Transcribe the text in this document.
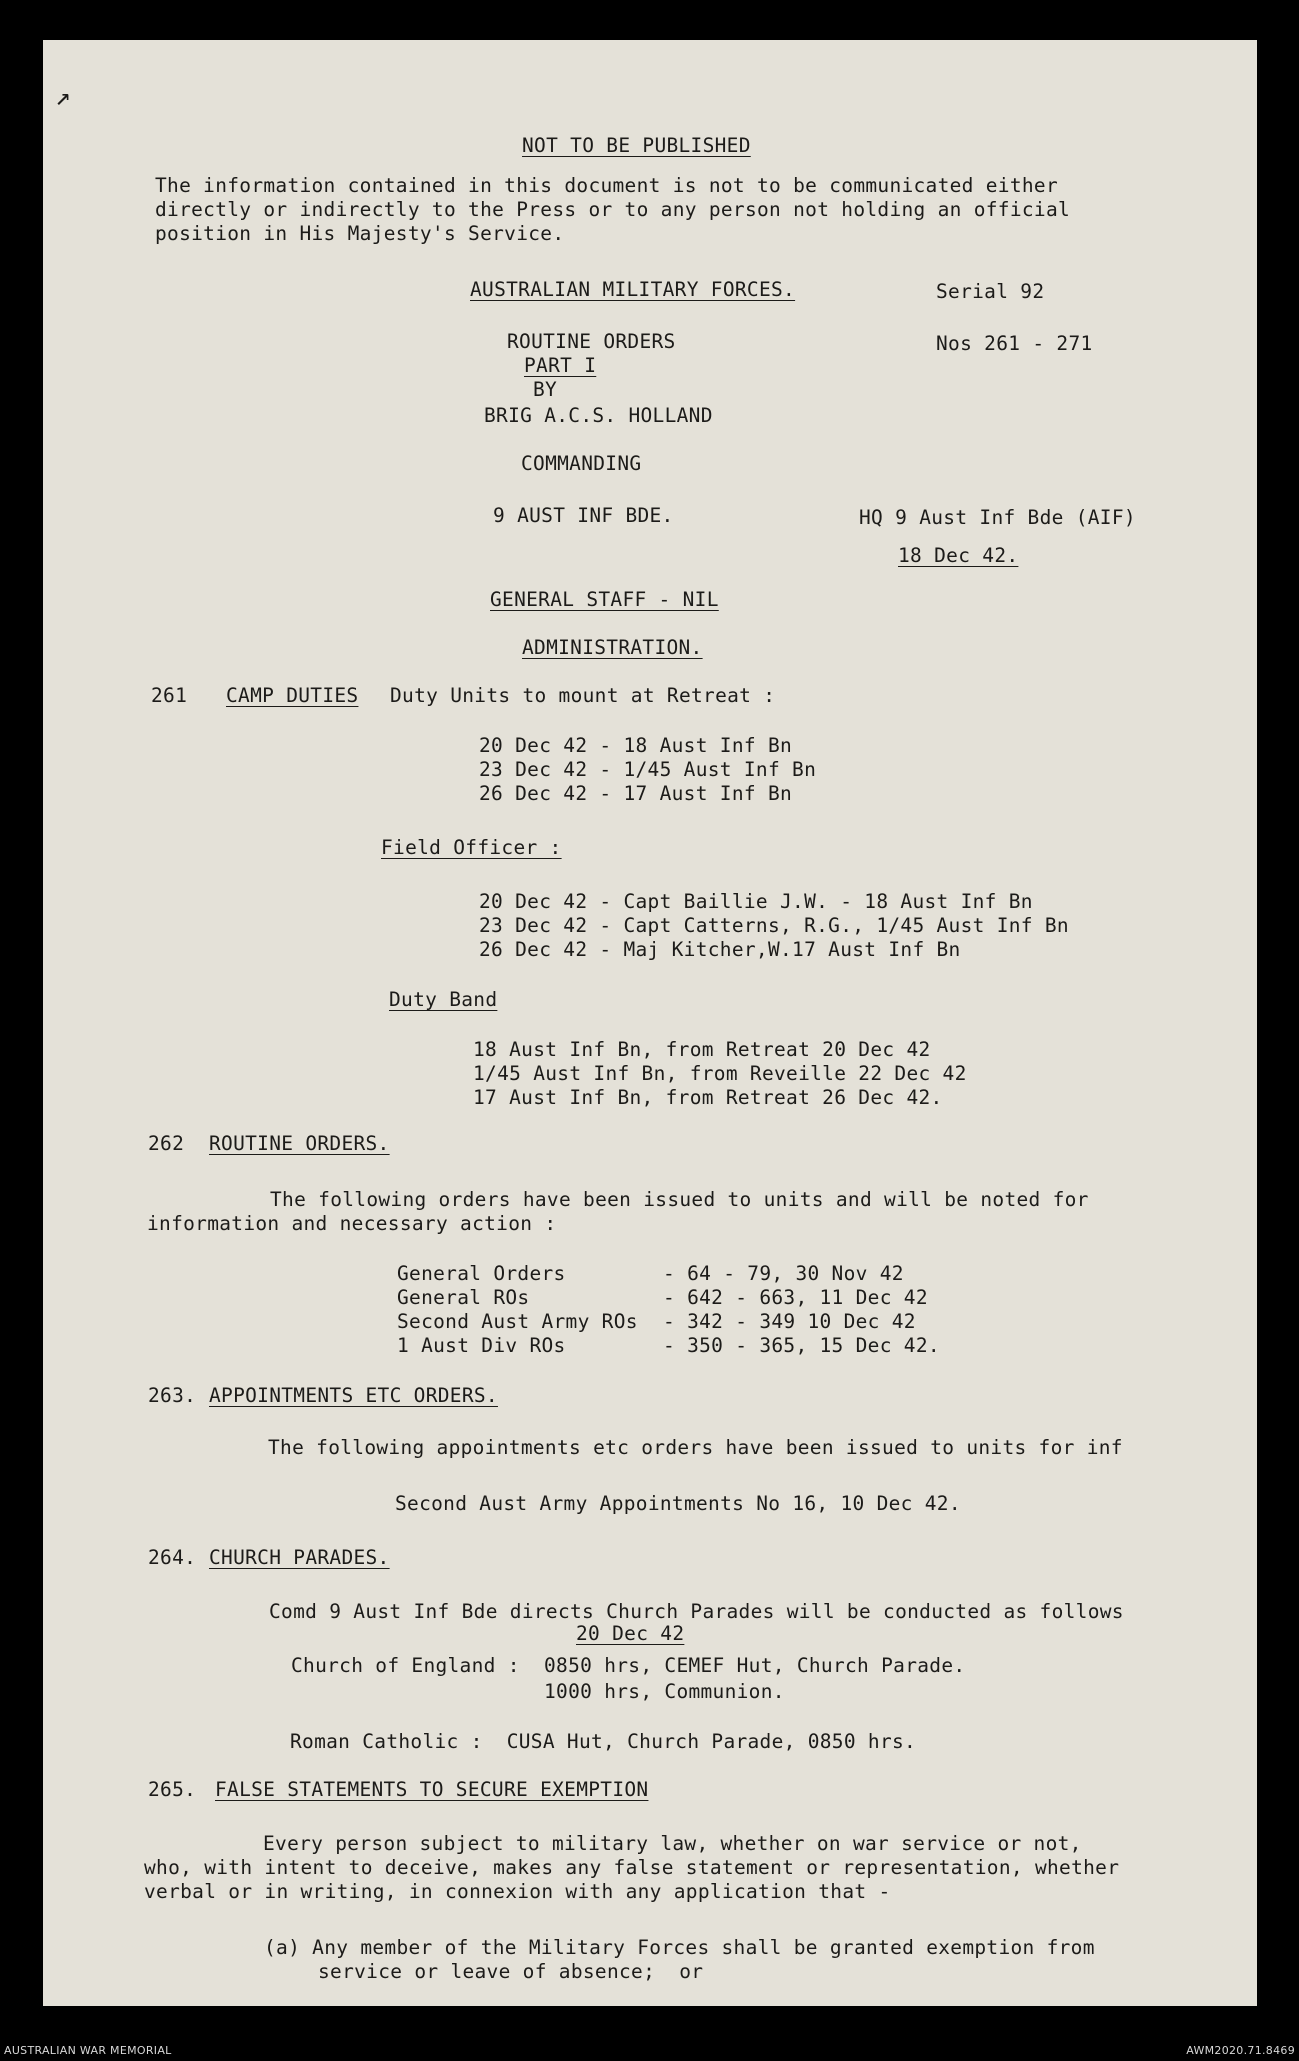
↗
NOT TO BE PUBLISHED
The information contained in this document is not to be communicated either
directly or indirectly to the Press or to any person not holding an official
position in His Majesty's Service.
AUSTRALIAN MILITARY FORCES.	Serial 92
ROUTINE ORDERS	Nos 261 - 271
PART I
BY
BRIG A.C.S. HOLLAND
COMMANDING
9 AUST INF BDE.	HQ 9 Aust Inf Bde (AIF)
18 Dec 42.
GENERAL STAFF - NIL
ADMINISTRATION.
261 CAMP DUTIES Duty Units to mount at Retreat :
20 Dec 42 - 18 Aust Inf Bn
23 Dec 42 - 1/45 Aust Inf Bn
26 Dec 42 - 17 Aust Inf Bn
Field Officer :
20 Dec 42 - Capt Baillie J.W. - 18 Aust Inf Bn
23 Dec 42 - Capt Catterns, R.G., 1/45 Aust Inf Bn
26 Dec 42 - Maj Kitcher,W.17 Aust Inf Bn
Duty Band
18 Aust Inf Bn, from Retreat 20 Dec 42
1/45 Aust Inf Bn, from Reveille 22 Dec 42
17 Aust Inf Bn, from Retreat 26 Dec 42.
262 ROUTINE ORDERS.
The following orders have been issued to units and will be noted for
information and necessary action :
General Orders	- 64 - 79, 30 Nov 42
General ROs	- 642 - 663, 11 Dec 42
Second Aust Army ROs - 342 - 349 10 Dec 42
1 Aust Div ROs	- 350 - 365, 15 Dec 42.
263. APPOINTMENTS ETC ORDERS.
The following appointments etc orders have been issued to units for inf
Second Aust Army Appointments No 16, 10 Dec 42.
264. CHURCH PARADES.
Comd 9 Aust Inf Bde directs Church Parades will be conducted as follows
20 Dec 42
Church of England : 0850 hrs, CEMEF Hut, Church Parade.
1000 hrs, Communion.
Roman Catholic :  CUSA Hut, Church Parade, 0850 hrs.
265. FALSE STATEMENTS TO SECURE EXEMPTION
Every person subject to military law, whether on war service or not,
who, with intent to deceive, makes any false statement or representation, whether
verbal or in writing, in connexion with any application that -
(a) Any member of the Military Forces shall be granted exemption from
service or leave of absence;  or
AUSTRALIAN WAR MEMORIAL	AWM2020.71.8469
